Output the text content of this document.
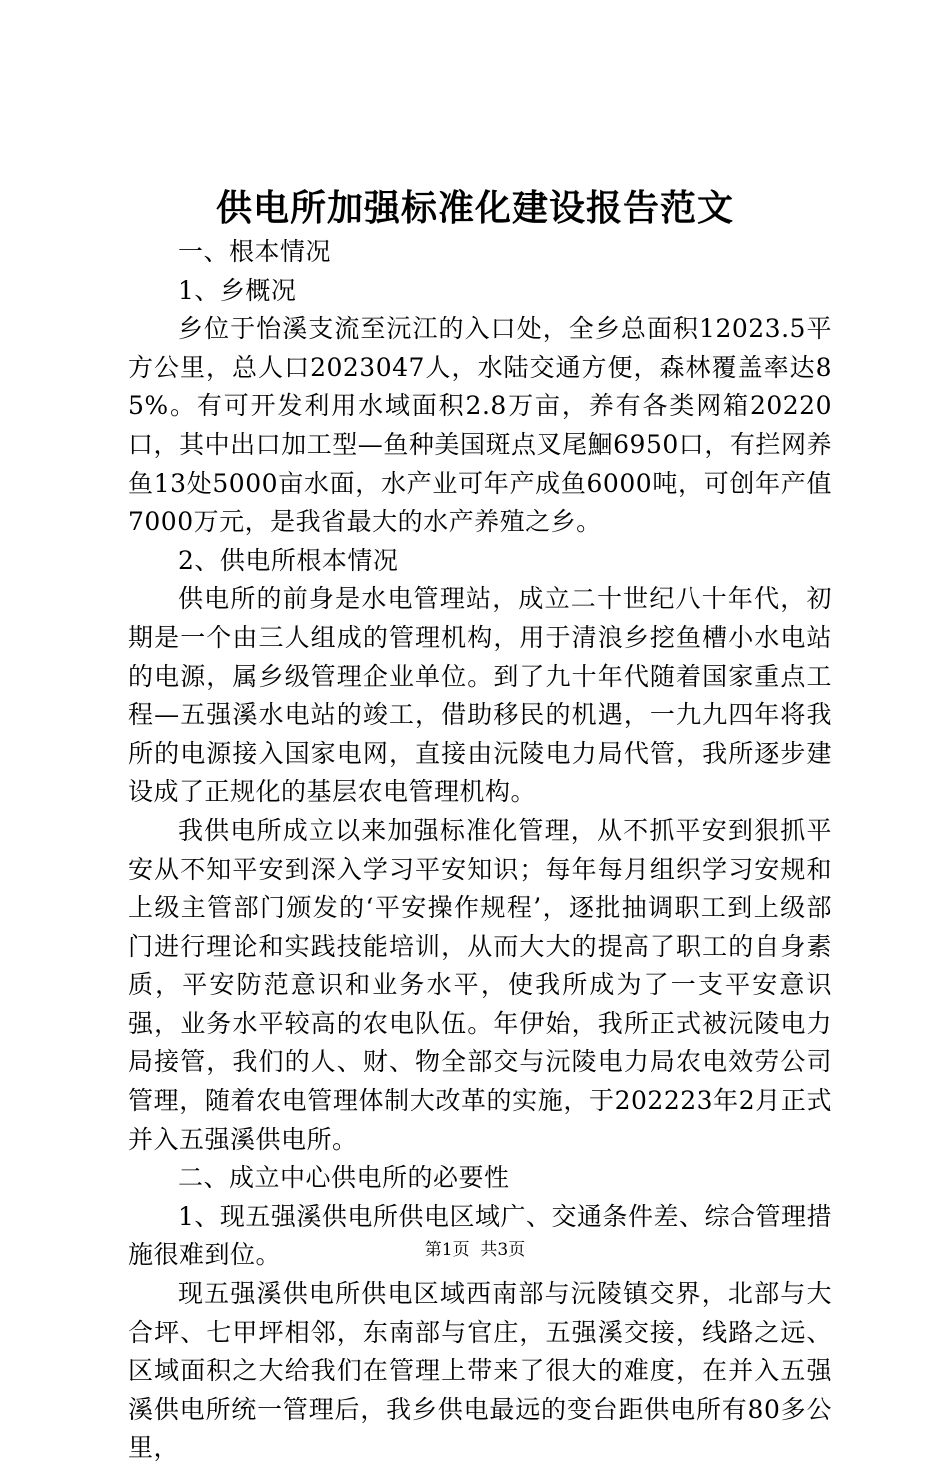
供电所加强标准化建设报告范文

一、根本情况

1、乡概况

乡位于怡溪支流至沅江的入口处，全乡总面积12023.5平方公里，总人口2023047人，水陆交通方便，森林覆盖率达85%。有可开发利用水域面积2.8万亩，养有各类网箱20220口，其中出口加工型—鱼种美国斑点叉尾鮰6950口，有拦网养鱼13处5000亩水面，水产业可年产成鱼6000吨，可创年产值7000万元，是我省最大的水产养殖之乡。

2、供电所根本情况

供电所的前身是水电管理站，成立二十世纪八十年代，初期是一个由三人组成的管理机构，用于清浪乡挖鱼槽小水电站的电源，属乡级管理企业单位。到了九十年代随着国家重点工程—五强溪水电站的竣工，借助移民的机遇，一九九四年将我所的电源接入国家电网，直接由沅陵电力局代管，我所逐步建设成了正规化的基层农电管理机构。

我供电所成立以来加强标准化管理，从不抓平安到狠抓平安从不知平安到深入学习平安知识；每年每月组织学习安规和上级主管部门颁发的‘平安操作规程’，逐批抽调职工到上级部门进行理论和实践技能培训，从而大大的提高了职工的自身素质，平安防范意识和业务水平，使我所成为了一支平安意识强，业务水平较高的农电队伍。年伊始，我所正式被沅陵电力局接管，我们的人、财、物全部交与沅陵电力局农电效劳公司管理，随着农电管理体制大改革的实施，于202223年2月正式并入五强溪供电所。

二、成立中心供电所的必要性

1、现五强溪供电所供电区域广、交通条件差、综合管理措施很难到位。

现五强溪供电所供电区域西南部与沅陵镇交界，北部与大合坪、七甲坪相邻，东南部与官庄，五强溪交接，线路之远、区域面积之大给我们在管理上带来了很大的难度，在并入五强溪供电所统一管理后，我乡供电最远的变台距供电所有80多公里，

第1页 共3页
